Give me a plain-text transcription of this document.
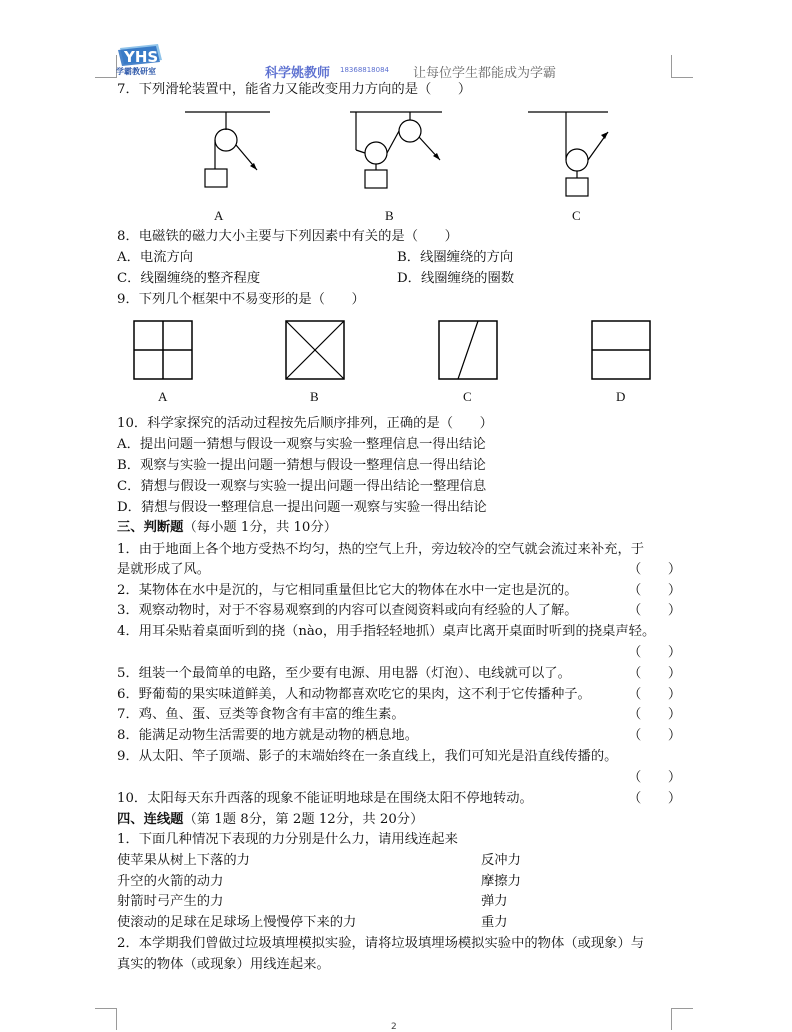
YHS
学霸教研室	科学姚教师 18368818084 让每位学生都能成为学霸
7．下列滑轮装置中，能省力又能改变用力方向的是（　　）
A	B	C
8．电磁铁的磁力大小主要与下列因素中有关的是（　　）
A．电流方向	B．线圈缠绕的方向
C．线圈缠绕的整齐程度	D．线圈缠绕的圈数
9．下列几个框架中不易变形的是（　　）
A	B	C	D
10．科学家探究的活动过程按先后顺序排列，正确的是（　　）
A．提出问题一猜想与假设一观察与实验一整理信息一得出结论
B．观察与实验一提出问题一猜想与假设一整理信息一得出结论
C．猜想与假设一观察与实验一提出问题一得出结论一整理信息
D．猜想与假设一整理信息一提出问题一观察与实验一得出结论
三、判断题（每小题 1分，共 10分）
1．由于地面上各个地方受热不均匀，热的空气上升，旁边较冷的空气就会流过来补充，于
是就形成了风。	（　　）
2．某物体在水中是沉的，与它相同重量但比它大的物体在水中一定也是沉的。	（　　）
3．观察动物时，对于不容易观察到的内容可以查阅资料或向有经验的人了解。	（　　）
4．用耳朵贴着桌面听到的挠（nào，用手指轻轻地抓）桌声比离开桌面时听到的挠桌声轻。
（　　）
5．组装一个最简单的电路，至少要有电源、用电器（灯泡）、电线就可以了。	（　　）
6．野葡萄的果实味道鲜美，人和动物都喜欢吃它的果肉，这不利于它传播种子。	（　　）
7．鸡、鱼、蛋、豆类等食物含有丰富的维生素。	（　　）
8．能满足动物生活需要的地方就是动物的栖息地。	（　　）
9．从太阳、竿子顶端、影子的末端始终在一条直线上，我们可知光是沿直线传播的。
（　　）
10．太阳每天东升西落的现象不能证明地球是在围绕太阳不停地转动。	（　　）
四、连线题（第 1题 8分，第 2题 12分，共 20分）
1．下面几种情况下表现的力分别是什么力，请用线连起来
使苹果从树上下落的力	反冲力
升空的火箭的动力	摩擦力
射箭时弓产生的力	弹力
使滚动的足球在足球场上慢慢停下来的力	重力
2．本学期我们曾做过垃圾填埋模拟实验，请将垃圾填埋场模拟实验中的物体（或现象）与
真实的物体（或现象）用线连起来。
2
